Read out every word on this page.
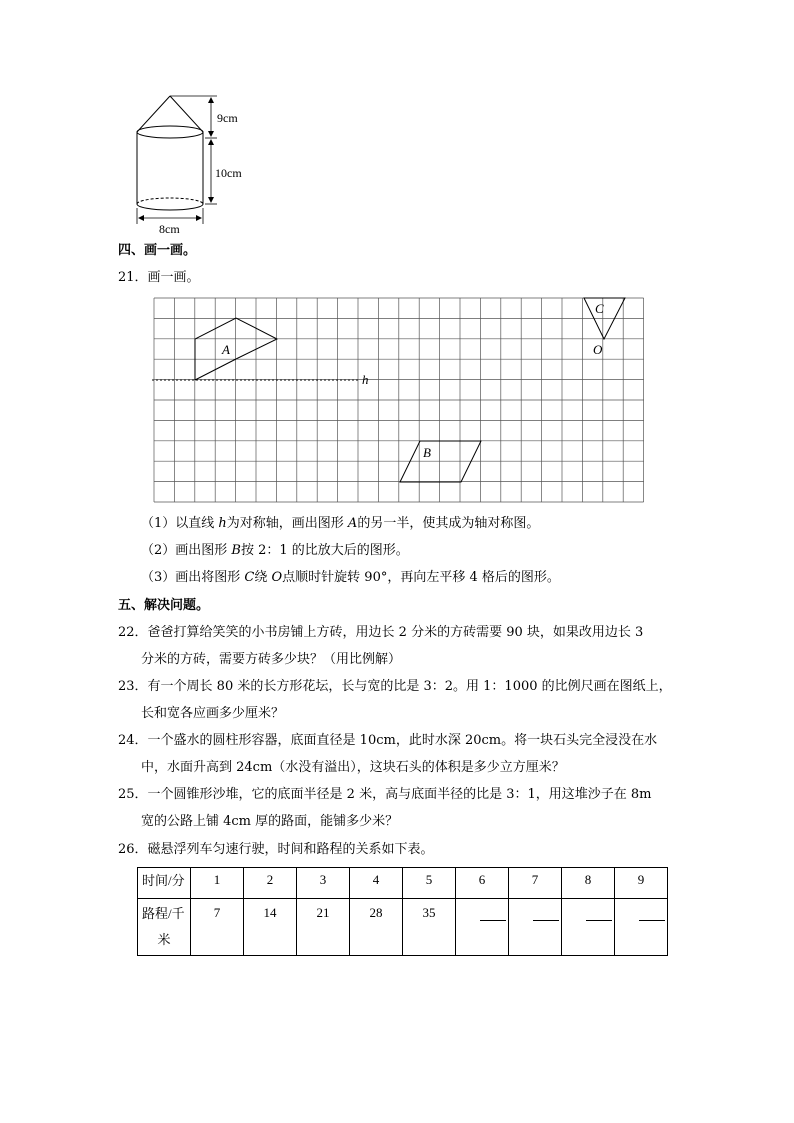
9cm
10cm
8cm
四、画一画。
21．画一画。
A
h
B
C
O
（1）以直线 h为对称轴，画出图形 A的另一半，使其成为轴对称图。
（2）画出图形 B按 2：1 的比放大后的图形。
（3）画出将图形 C绕 O点顺时针旋转 90°，再向左平移 4 格后的图形。
五、解决问题。
22．爸爸打算给笑笑的小书房铺上方砖，用边长 2 分米的方砖需要 90 块，如果改用边长 3
分米的方砖，需要方砖多少块？（用比例解）
23．有一个周长 80 米的长方形花坛，长与宽的比是 3：2。用 1：1000 的比例尺画在图纸上，
长和宽各应画多少厘米？
24．一个盛水的圆柱形容器，底面直径是 10cm，此时水深 20cm。将一块石头完全浸没在水
中，水面升高到 24cm（水没有溢出），这块石头的体积是多少立方厘米？
25．一个圆锥形沙堆，它的底面半径是 2 米，高与底面半径的比是 3：1，用这堆沙子在 8m
宽的公路上铺 4cm 厚的路面，能铺多少米？
26．磁悬浮列车匀速行驶，时间和路程的关系如下表。
时间/分	1	2	3	4	5	6	7	8	9

路程/千
米	7	14	21	28	35				
